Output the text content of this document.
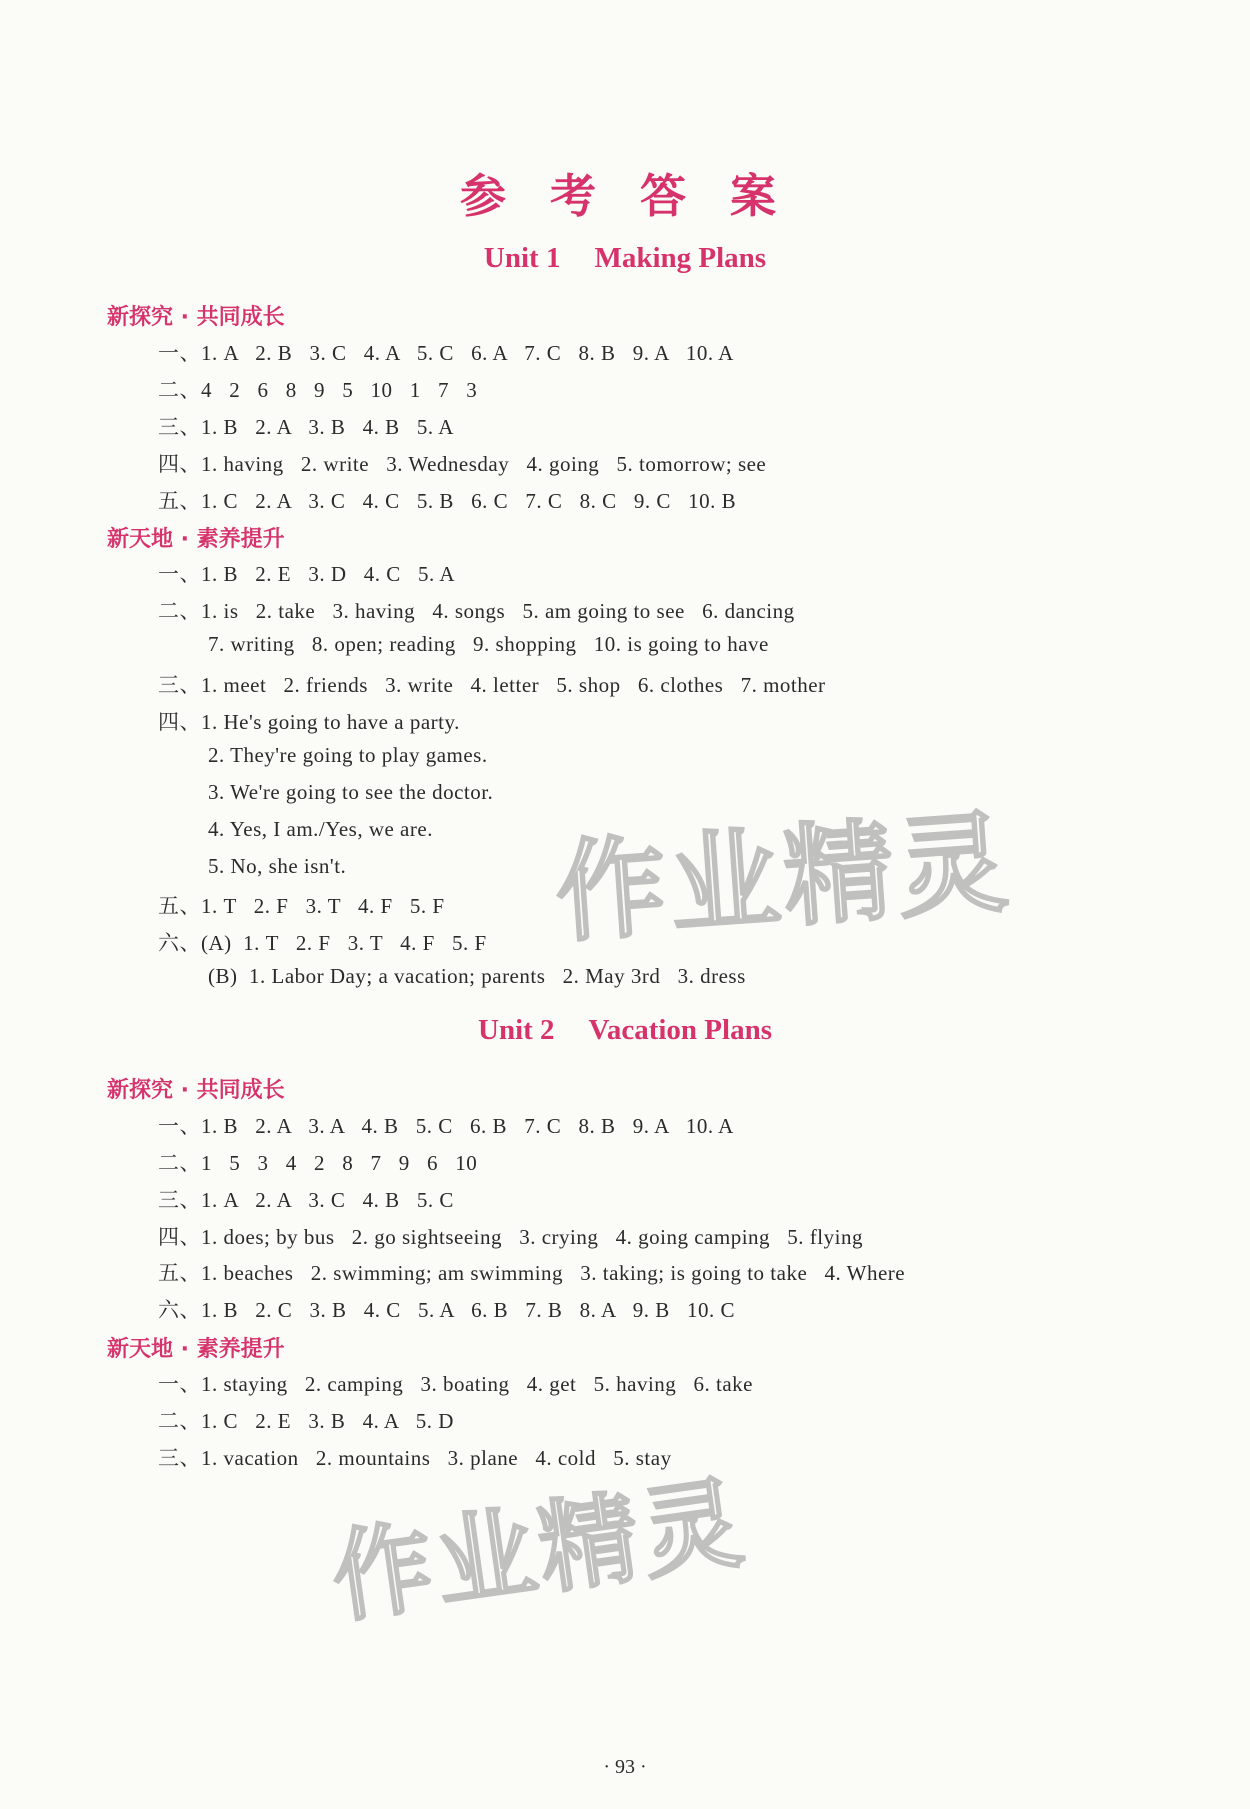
参 考 答 案
Unit 1 Making Plans
新探究 · 共同成长
一、1. A   2. B   3. C   4. A   5. C   6. A   7. C   8. B   9. A   10. A
二、4   2   6   8   9   5   10   1   7   3
三、1. B   2. A   3. B   4. B   5. A
四、1. having   2. write   3. Wednesday   4. going   5. tomorrow; see
五、1. C   2. A   3. C   4. C   5. B   6. C   7. C   8. C   9. C   10. B
新天地 · 素养提升
一、1. B   2. E   3. D   4. C   5. A
二、1. is   2. take   3. having   4. songs   5. am going to see   6. dancing
7. writing   8. open; reading   9. shopping   10. is going to have
三、1. meet   2. friends   3. write   4. letter   5. shop   6. clothes   7. mother
四、1. He's going to have a party.
2. They're going to play games.
3. We're going to see the doctor.
4. Yes, I am./Yes, we are.
5. No, she isn't.
五、1. T   2. F   3. T   4. F   5. F
六、(A)  1. T   2. F   3. T   4. F   5. F
(B)  1. Labor Day; a vacation; parents   2. May 3rd   3. dress
Unit 2 Vacation Plans
新探究 · 共同成长
一、1. B   2. A   3. A   4. B   5. C   6. B   7. C   8. B   9. A   10. A
二、1   5   3   4   2   8   7   9   6   10
三、1. A   2. A   3. C   4. B   5. C
四、1. does; by bus   2. go sightseeing   3. crying   4. going camping   5. flying
五、1. beaches   2. swimming; am swimming   3. taking; is going to take   4. Where
六、1. B   2. C   3. B   4. C   5. A   6. B   7. B   8. A   9. B   10. C
新天地 · 素养提升
一、1. staying   2. camping   3. boating   4. get   5. having   6. take
二、1. C   2. E   3. B   4. A   5. D
三、1. vacation   2. mountains   3. plane   4. cold   5. stay
作业精灵
作业精灵
· 93 ·
